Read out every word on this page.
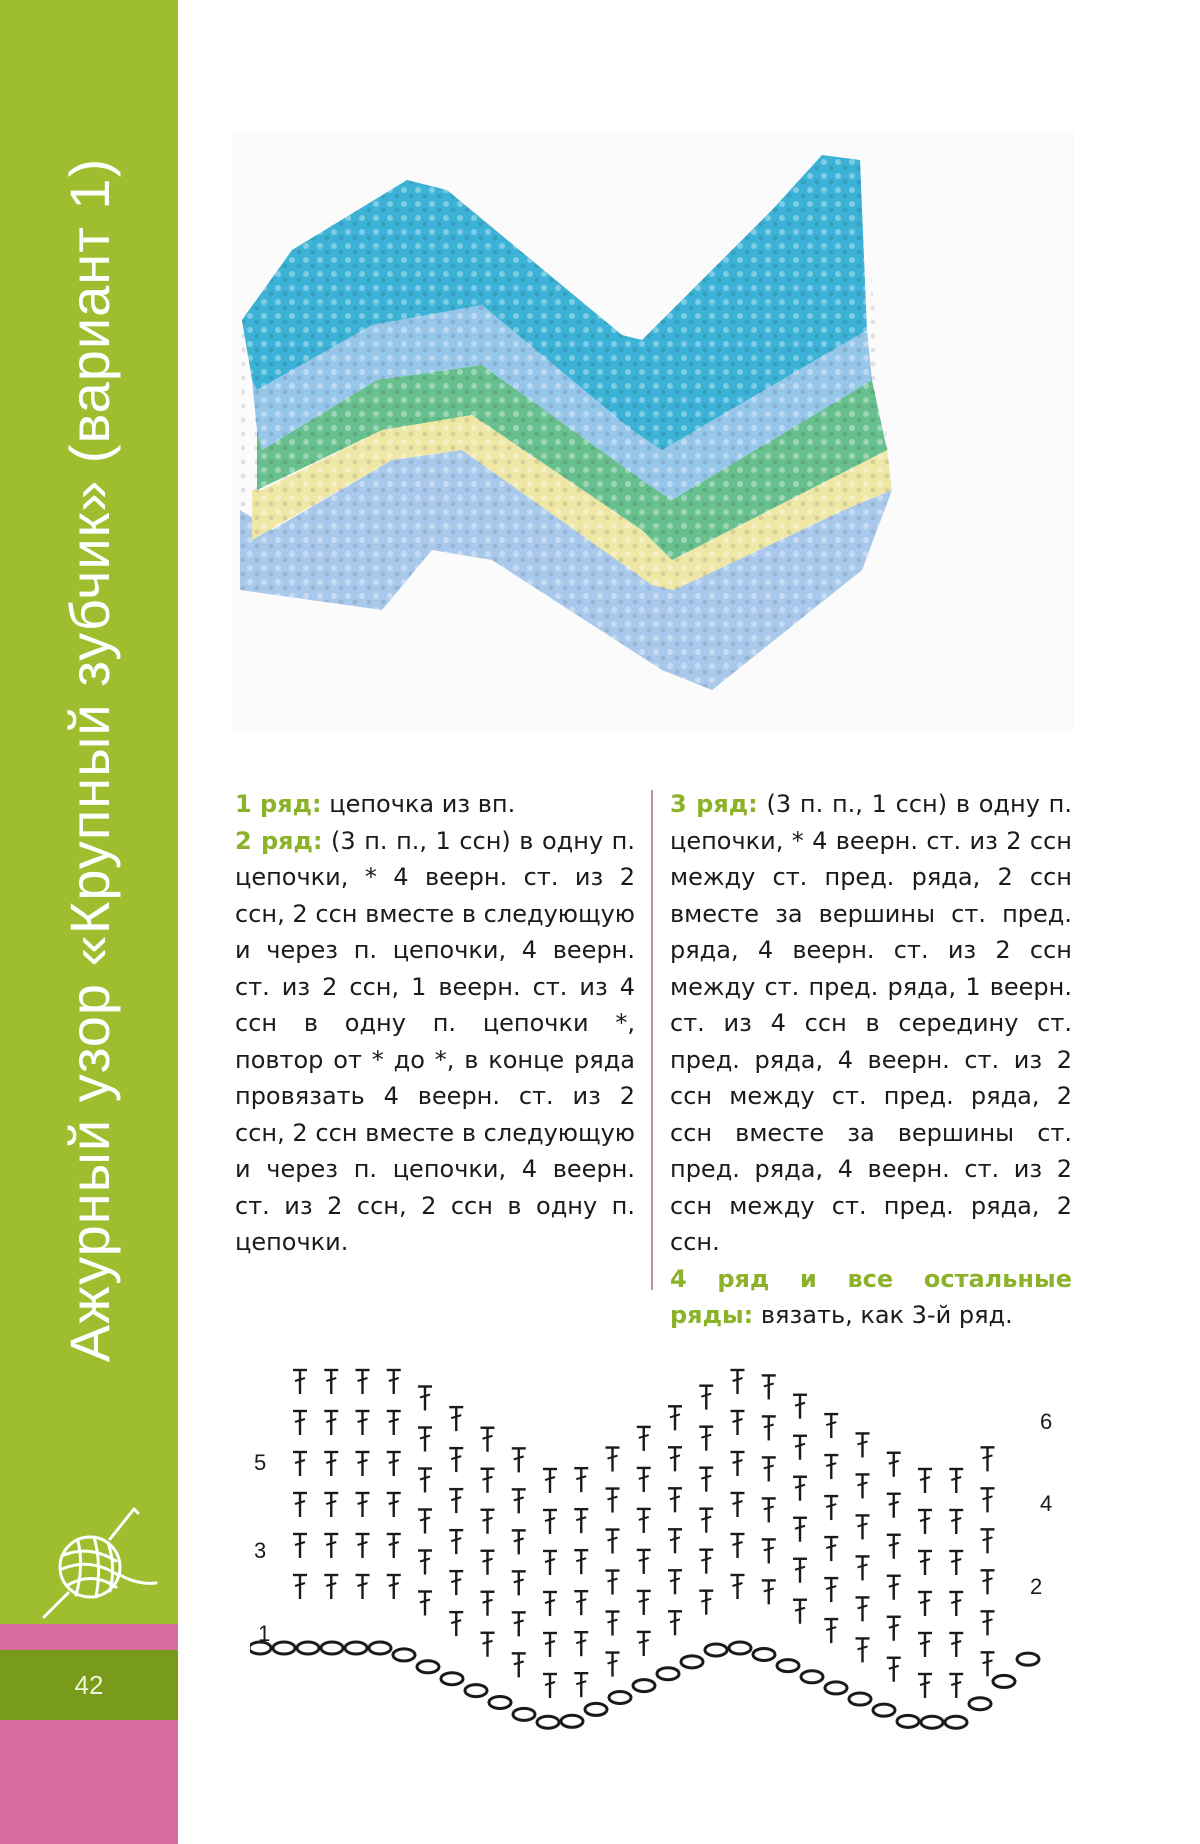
Ажурный узор «Крупный зубчик» (вариант 1)
42

1 ряд: цепочка из вп.

2 ряд: (3 п. п., 1 ссн) в одну п. цепочки, * 4 веерн. ст. из 2 ссн, 2 ссн вместе в следующую и через п. цепочки, 4 веерн. ст. из 2 ссн, 1 веерн. ст. из 4 ссн в одну п. цепочки *, повтор от * до *, в конце ряда провязать 4 веерн. ст. из 2 ссн, 2 ссн вместе в следующую и через п. цепочки, 4 веерн. ст. из 2 ссн, 2 ссн в одну п. цепочки.

3 ряд: (3 п. п., 1 ссн) в одну п. цепочки, * 4 веерн. ст. из 2 ссн между ст. пред. ряда, 2 ссн вместе за вершины ст. пред. ряда, 4 веерн. ст. из 2 ссн между ст. пред. ряда, 1 веерн. ст. из 4 ссн в середину ст. пред. ряда, 4 веерн. ст. из 2 ссн между ст. пред. ряда, 2 ссн вместе за вершины ст. пред. ряда, 4 веерн. ст. из 2 ссн между ст. пред. ряда, 2 ссн.

4 ряд и все остальные ряды: вязать, как 3-й ряд.

5
3
1
6
4
2
